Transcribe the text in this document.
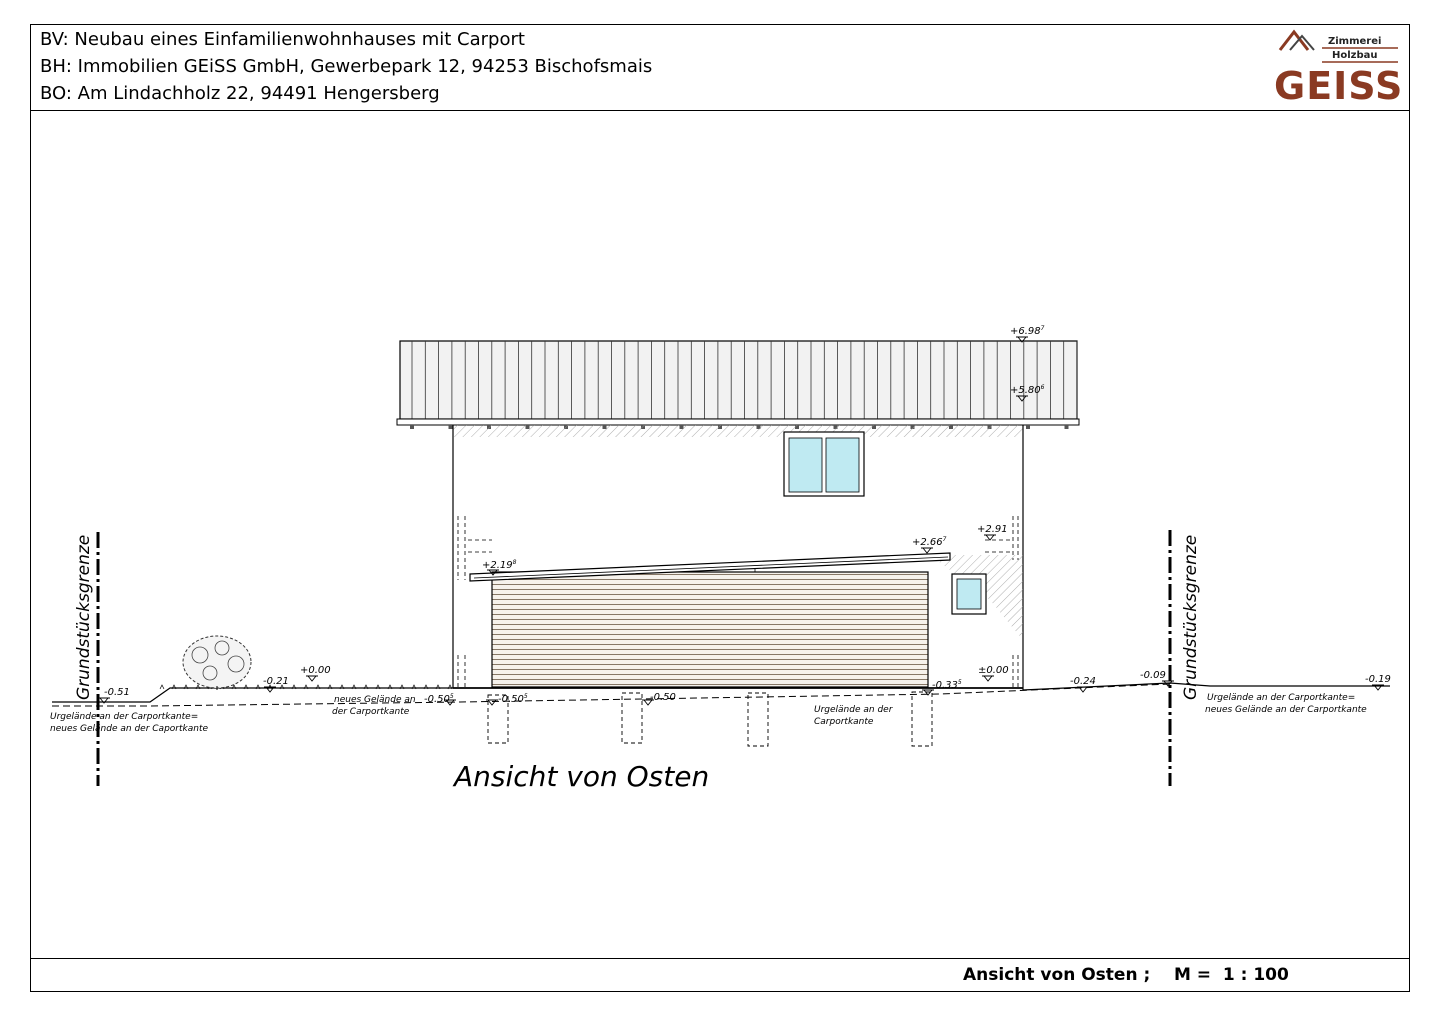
BV: Neubau eines Einfamilienwohnhauses mit Carport
BH: Immobilien GEiSS GmbH, Gewerbepark 12, 94253 Bischofsmais
BO: Am Lindachholz 22, 94491 Hengersberg
Zimmerei
Holzbau
GEISS
Grundstücksgrenze	Grundstücksgrenze
$+6.98^7$
$+5.80^6$
$+2.19^8$
$+2.66^7$
+2.91
+0.00	±0.00
-0.51
-0.21
-0.50$^5$	-0.50$^5$	-0.50
-0.33$^5$	-0.24
-0.09	-0.19
Urgelände an der Carportkante=
neues Gelände an der Caportkante
neues Gelände an
der Carportkante	Urgelände an der
Carportkante
Urgelände an der Carportkante=
neues Gelände an der Carportkante
Ansicht von Osten
Ansicht von Osten ; M = 1 : 100
